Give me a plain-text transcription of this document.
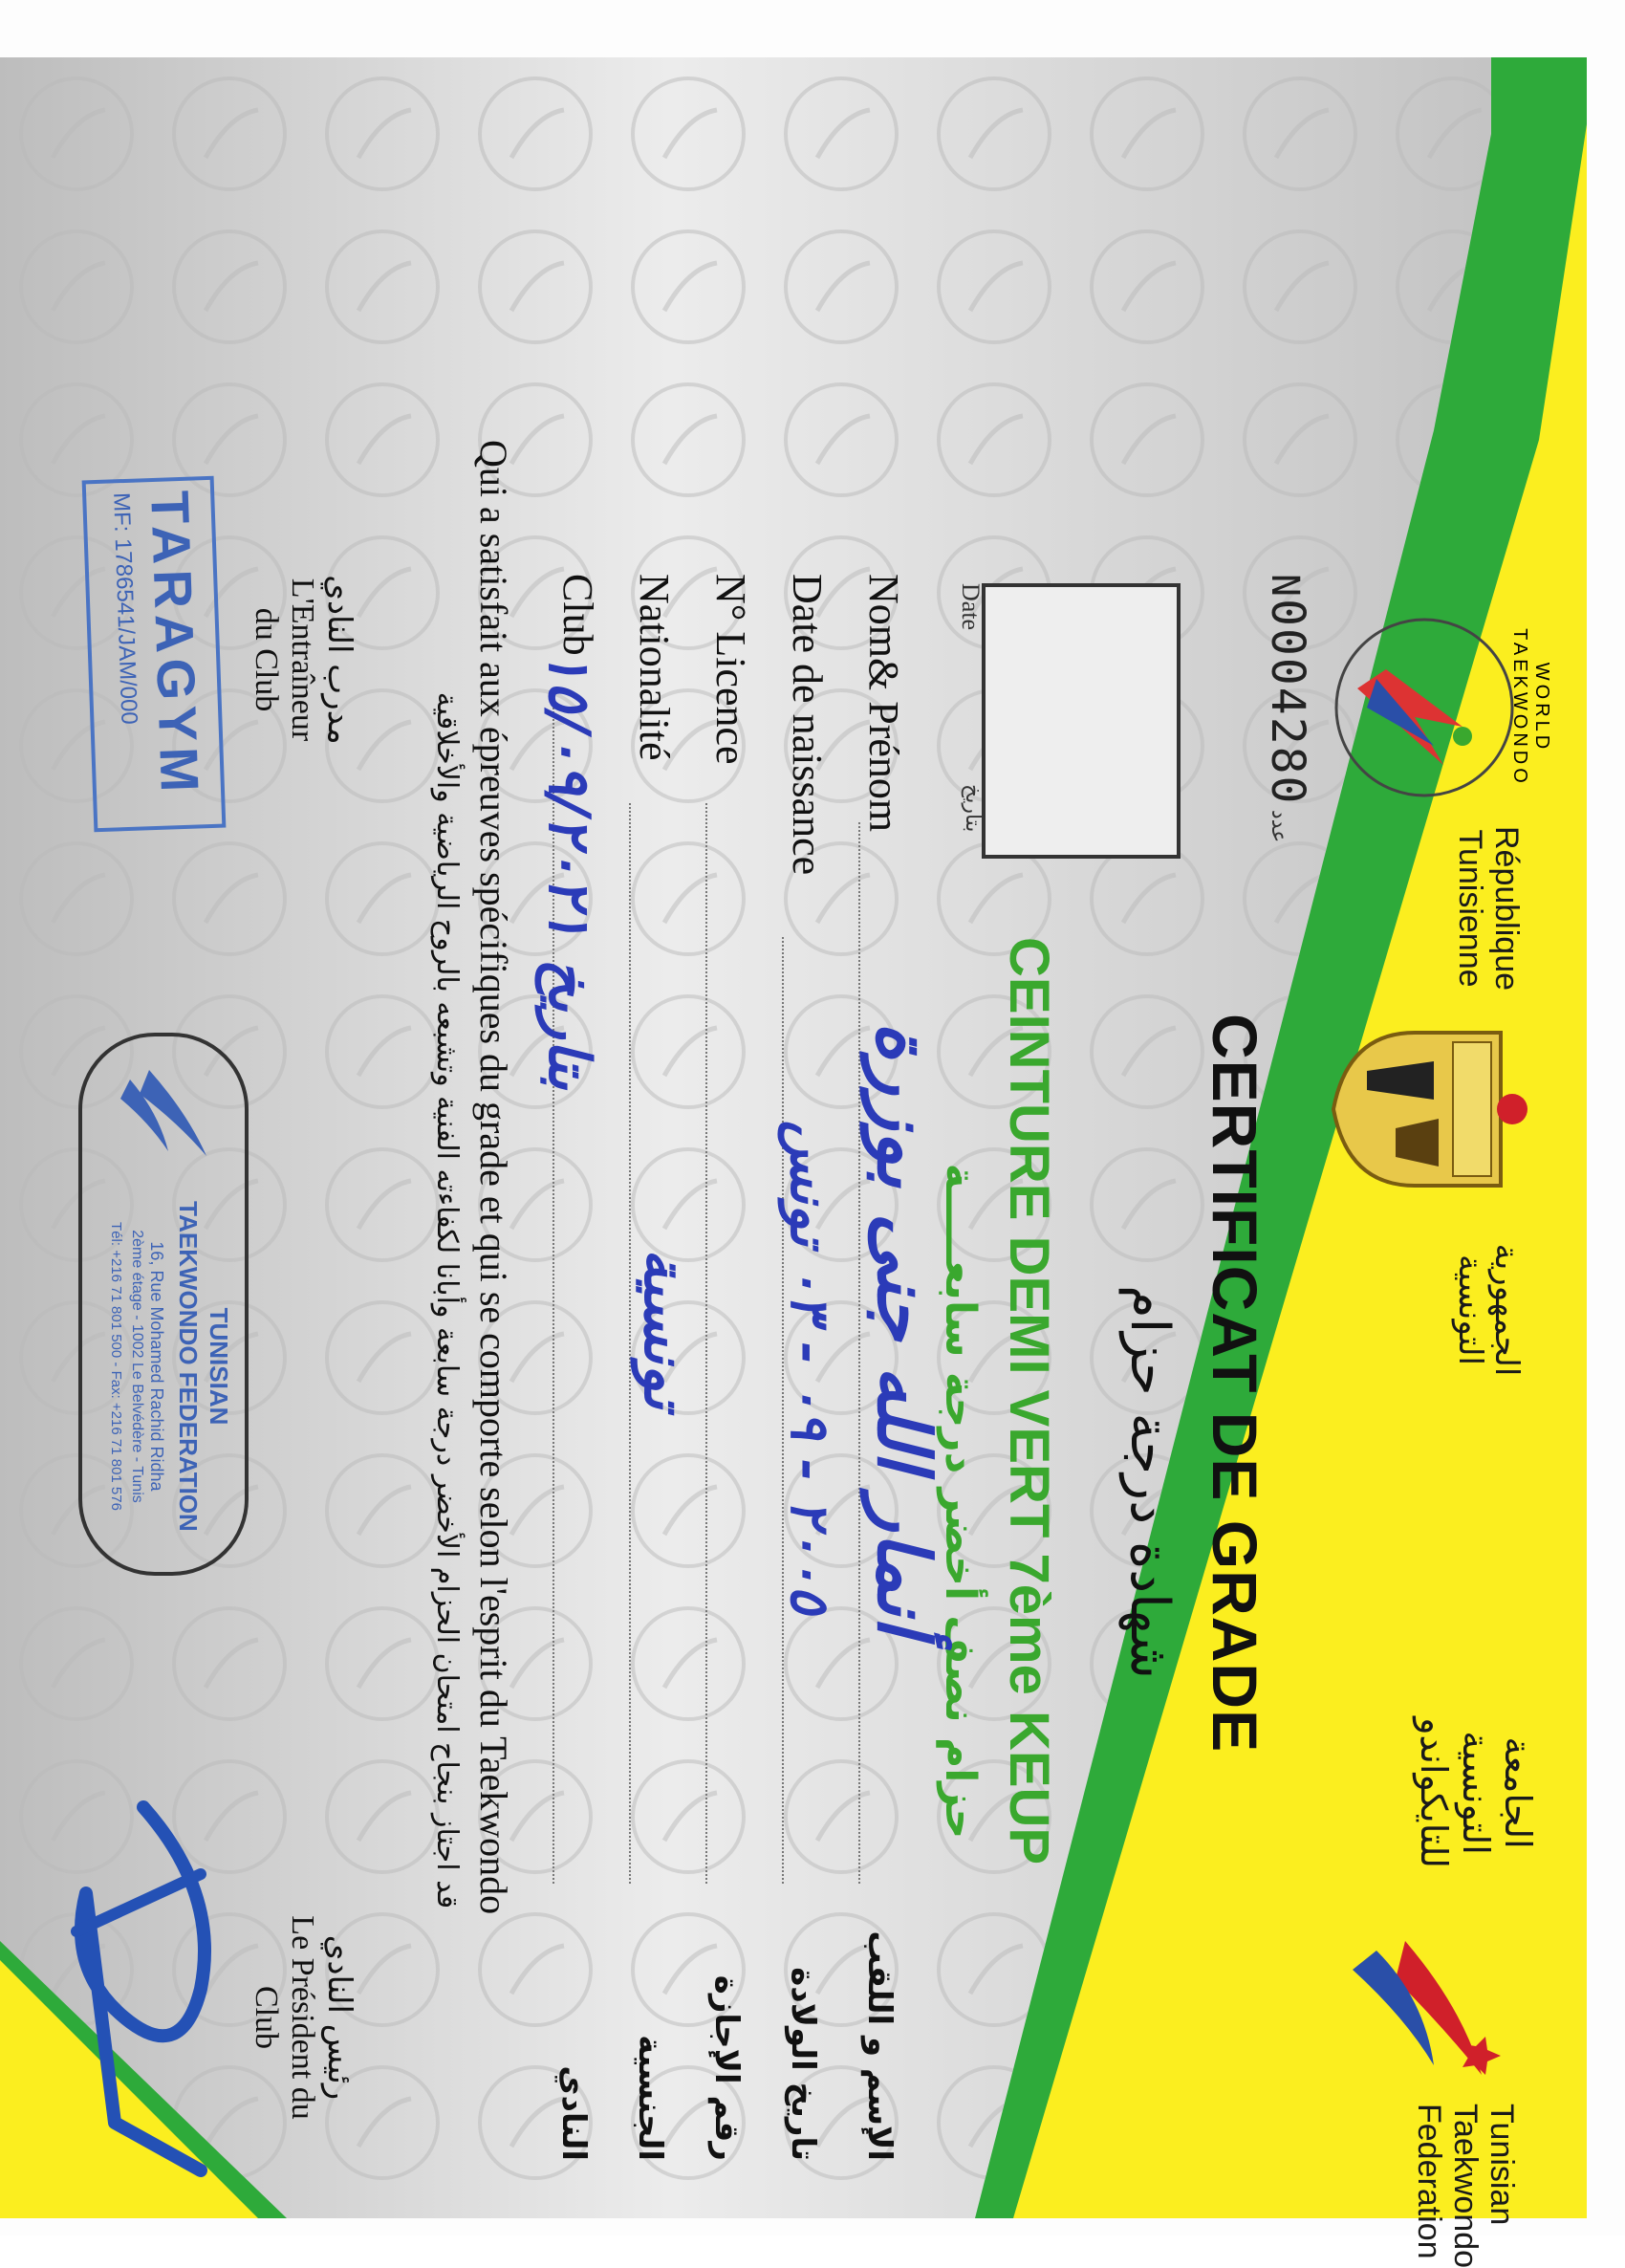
WORLD TAEKWONDO
République
Tunisienne
الجمهورية
التونسية
الجامعة
التونسية
للتايكواندو
Tunisian
Taekwondo
Federation
N0004280 عدد
CERTIFICAT DE GRADE
شهادة درجة حزام
Date
بتاريخ
CEINTURE DEMI VERT 7ème KEUP
حزام نصف أخضر درجة سابعـــــة
Nom& Prénom
أنمار الله جنى بوزرة
الإسم و اللقب
Date de naissance
٢٠٠٥ - ٠٩ - ٠٣ تونس
تاريخ الولادة
N° Licence
رقم الإجازة
Nationalité
تونسية
الجنسية
Club
بتاريخ ١٥/٠٩/٢٠٢١
النادي
Qui a satisfait aux épreuves spécifiques du grade et qui se comporte selon l'esprit du Taekwondo
قد اجتاز بنجاح امتحان الحزام الأخضر درجة سابعة وأبانا لكفاءته الفنية وتشبعه بالروح الرياضية والأخلاقية
مدرب النادي
L'Entraîneur
du Club
TARAGYM
MF: 1786541/JAM/000
TUNISIAN
TAEKWONDO FEDERATION
16, Rue Mohamed Rachid Ridha
2ème étage - 1002 Le Belvédère - Tunis
Tél: +216 71 801 500 - Fax: +216 71 801 576
رئيس النادي
Le Président du
Club
